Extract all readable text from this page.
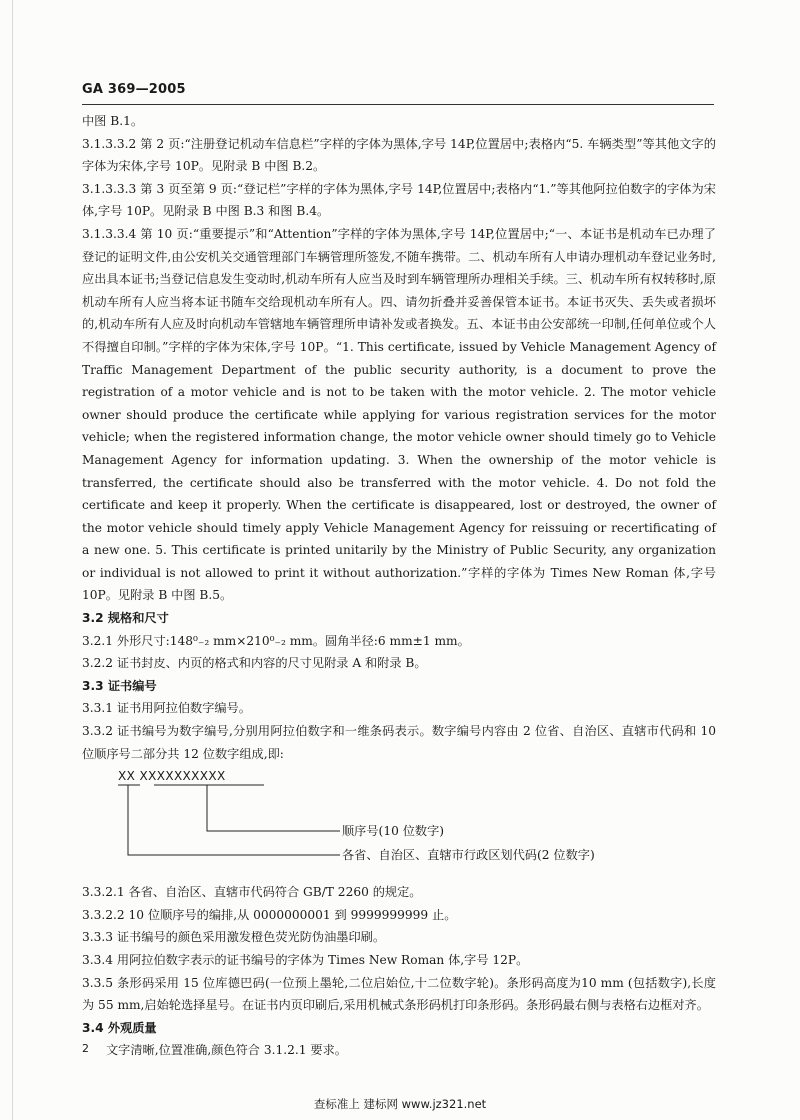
GA 369—2005

中图 B.1。

3.1.3.3.2 第 2 页:“注册登记机动车信息栏”字样的字体为黑体,字号 14P,位置居中;表格内“5. 车辆类型”等其他文字的字体为宋体,字号 10P。见附录 B 中图 B.2。

3.1.3.3.3 第 3 页至第 9 页:“登记栏”字样的字体为黑体,字号 14P,位置居中;表格内“1.”等其他阿拉伯数字的字体为宋体,字号 10P。见附录 B 中图 B.3 和图 B.4。

3.1.3.3.4 第 10 页:“重要提示”和“Attention”字样的字体为黑体,字号 14P,位置居中;“一、本证书是机动车已办理了登记的证明文件,由公安机关交通管理部门车辆管理所签发,不随车携带。二、机动车所有人申请办理机动车登记业务时,应出具本证书;当登记信息发生变动时,机动车所有人应当及时到车辆管理所办理相关手续。三、机动车所有权转移时,原机动车所有人应当将本证书随车交给现机动车所有人。四、请勿折叠并妥善保管本证书。本证书灭失、丢失或者损坏的,机动车所有人应及时向机动车管辖地车辆管理所申请补发或者换发。五、本证书由公安部统一印制,任何单位或个人不得擅自印制。”字样的字体为宋体,字号 10P。“1. This certificate, issued by Vehicle Management Agency of Traffic Management Department of the public security authority, is a document to prove the registration of a motor vehicle and is not to be taken with the motor vehicle. 2. The motor vehicle owner should produce the certificate while applying for various registration services for the motor vehicle; when the registered information change, the motor vehicle owner should timely go to Vehicle Management Agency for information updating. 3. When the ownership of the motor vehicle is transferred, the certificate should also be transferred with the motor vehicle. 4. Do not fold the certificate and keep it properly. When the certificate is disappeared, lost or destroyed, the owner of the motor vehicle should timely apply Vehicle Management Agency for reissuing or recertificating of a new one. 5. This certificate is printed unitarily by the Ministry of Public Security, any organization or individual is not allowed to print it without authorization.”字样的字体为 Times New Roman 体,字号 10P。见附录 B 中图 B.5。

3.2 规格和尺寸

3.2.1 外形尺寸:148⁰₋₂ mm×210⁰₋₂ mm。圆角半径:6 mm±1 mm。

3.2.2 证书封皮、内页的格式和内容的尺寸见附录 A 和附录 B。

3.3 证书编号

3.3.1 证书用阿拉伯数字编号。

3.3.2 证书编号为数字编号,分别用阿拉伯数字和一维条码表示。数字编号内容由 2 位省、自治区、直辖市代码和 10 位顺序号二部分共 12 位数字组成,即:

XX XXXXXXXXXX
顺序号(10 位数字)
各省、自治区、直辖市行政区划代码(2 位数字)

3.3.2.1 各省、自治区、直辖市代码符合 GB/T 2260 的规定。

3.3.2.2 10 位顺序号的编排,从 0000000001 到 9999999999 止。

3.3.3 证书编号的颜色采用激发橙色荧光防伪油墨印刷。

3.3.4 用阿拉伯数字表示的证书编号的字体为 Times New Roman 体,字号 12P。

3.3.5 条形码采用 15 位库德巴码(一位预上墨轮,二位启始位,十二位数字轮)。条形码高度为10 mm (包括数字),长度为 55 mm,启始轮选择星号。在证书内页印刷后,采用机械式条形码机打印条形码。条形码最右侧与表格右边框对齐。

3.4 外观质量

文字清晰,位置准确,颜色符合 3.1.2.1 要求。

2
查标准上 建标网 www.jz321.net
